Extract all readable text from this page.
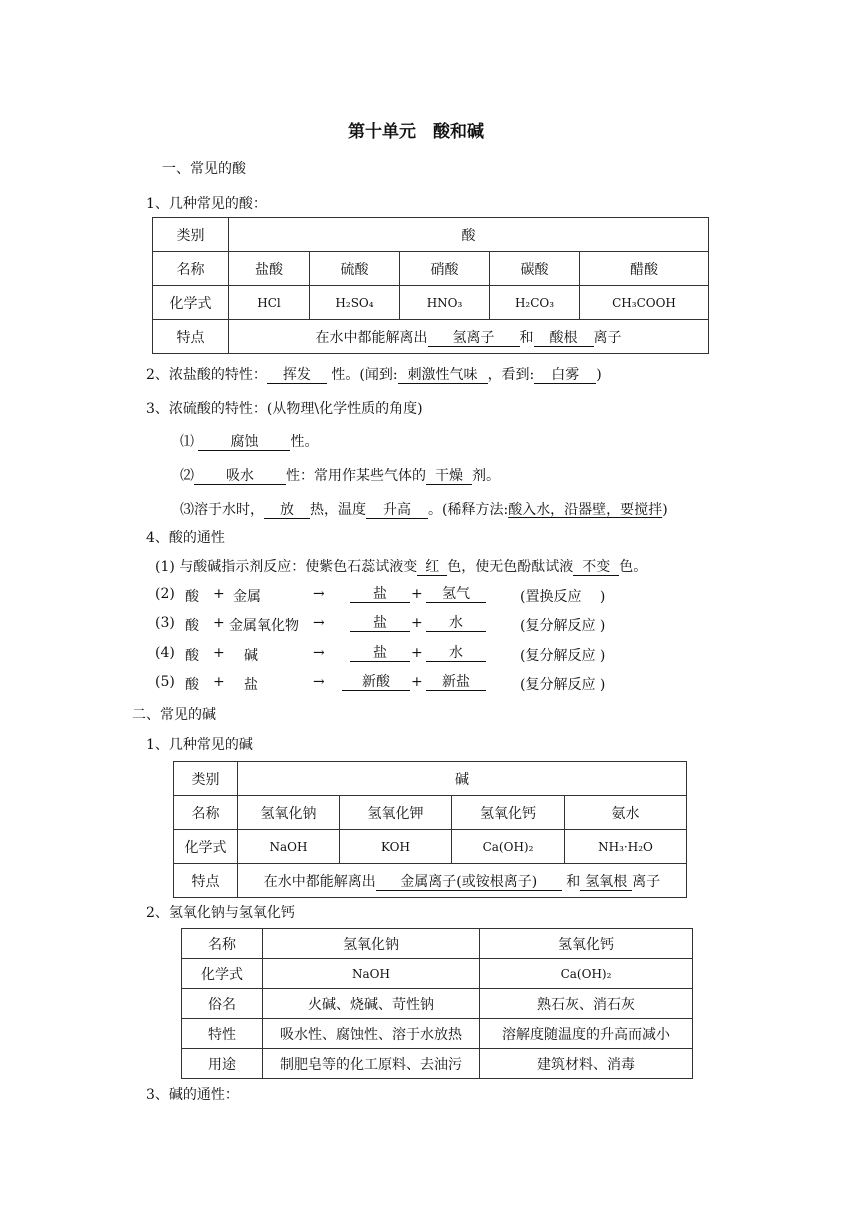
第十单元　酸和碱
一、常见的酸
1、几种常见的酸：
类别	酸				
名称	盐酸	硫酸	硝酸	碳酸	醋酸
化学式	HCl	H₂SO₄	HNO₃	H₂CO₃	CH₃COOH
特点	在水中都能解离出 氢离子 和 酸根 离子				
2、浓盐酸的特性： 挥发 性。(闻到: 刺激性气味 ，看到: 白雾 )
3、浓硫酸的特性：(从物理\化学性质的角度)
⑴	腐蚀 性。
⑵ 吸水 性：常用作某些气体的 干燥 剂。
⑶溶于水时， 放 热，温度 升高 。(稀释方法:酸入水，沿器壁，要搅拌)
4、酸的通性
(1) 与酸碱指示剂反应：使紫色石蕊试液变 红 色，使无色酚酞试液 不变 色。
(2) 酸 + 金属	→	盐	+	氢气	(置换反应　 )
(3) 酸 + 金属氧化物 →	盐	+	水	(复分解反应 )
(4) 酸 + 碱	→	盐	+	水	(复分解反应 )
(5) 酸 + 盐	→	新酸	+	新盐	(复分解反应 )
二、常见的碱
1、几种常见的碱
类别	碱			
名称	氢氧化钠	氢氧化钾	氢氧化钙	氨水
化学式	NaOH	KOH	Ca(OH)₂	NH₃·H₂O
特点	在水中都能解离出 金属离子(或铵根离子) 和 氢氧根 离子			
2、氢氧化钠与氢氧化钙
名称	氢氧化钠	氢氧化钙
化学式	NaOH	Ca(OH)₂
俗名	火碱、烧碱、苛性钠	熟石灰、消石灰
特性	吸水性、腐蚀性、溶于水放热	溶解度随温度的升高而减小
用途	制肥皂等的化工原料、去油污	建筑材料、消毒
3、碱的通性：
